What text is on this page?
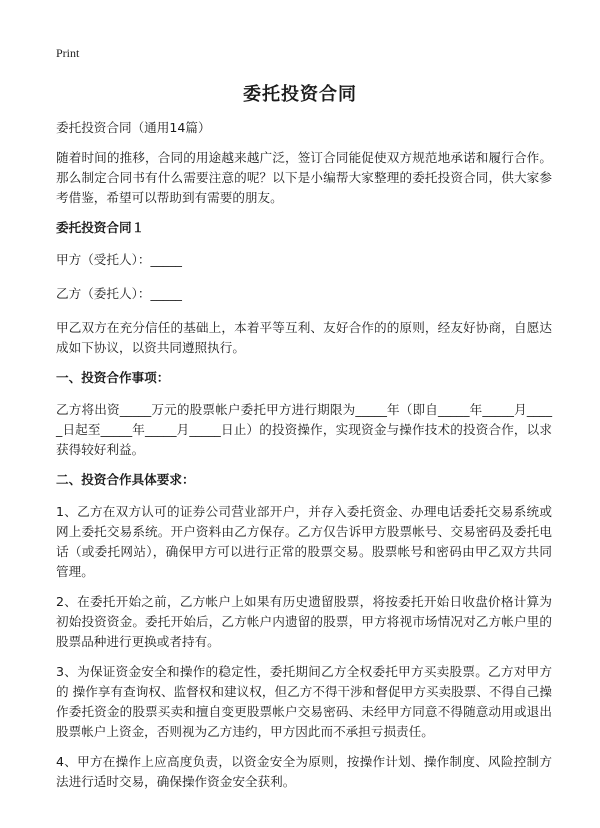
Print
委托投资合同

委托投资合同（通用14篇）

随着时间的推移，合同的用途越来越广泛，签订合同能促使双方规范地承诺和履行合作。那么制定合同书有什么需要注意的呢？以下是小编帮大家整理的委托投资合同，供大家参考借鉴，希望可以帮助到有需要的朋友。

委托投资合同１

甲方（受托人）：_____

乙方（委托人）：_____

甲乙双方在充分信任的基础上，本着平等互利、友好合作的的原则，经友好协商，自愿达成如下协议，以资共同遵照执行。

一、投资合作事项：

乙方将出资_____万元的股票帐户委托甲方进行期限为_____年（即自_____年_____月_____日起至_____年_____月_____日止）的投资操作，实现资金与操作技术的投资合作，以求获得较好利益。

二、投资合作具体要求：

1、乙方在双方认可的证券公司营业部开户，并存入委托资金、办理电话委托交易系统或网上委托交易系统。开户资料由乙方保存。乙方仅告诉甲方股票帐号、交易密码及委托电话（或委托网站），确保甲方可以进行正常的股票交易。股票帐号和密码由甲乙双方共同管理。

2、在委托开始之前，乙方帐户上如果有历史遗留股票，将按委托开始日收盘价格计算为初始投资资金。委托开始后，乙方帐户内遗留的股票，甲方将视市场情况对乙方帐户里的股票品种进行更换或者持有。

3、为保证资金安全和操作的稳定性，委托期间乙方全权委托甲方买卖股票。乙方对甲方的 操作享有查询权、监督权和建议权，但乙方不得干涉和督促甲方买卖股票、不得自己操作委托资金的股票买卖和擅自变更股票帐户交易密码、未经甲方同意不得随意动用或退出股票帐户上资金，否则视为乙方违约，甲方因此而不承担亏损责任。

4、甲方在操作上应高度负责，以资金安全为原则，按操作计划、操作制度、风险控制方法进行适时交易，确保操作资金安全获利。
